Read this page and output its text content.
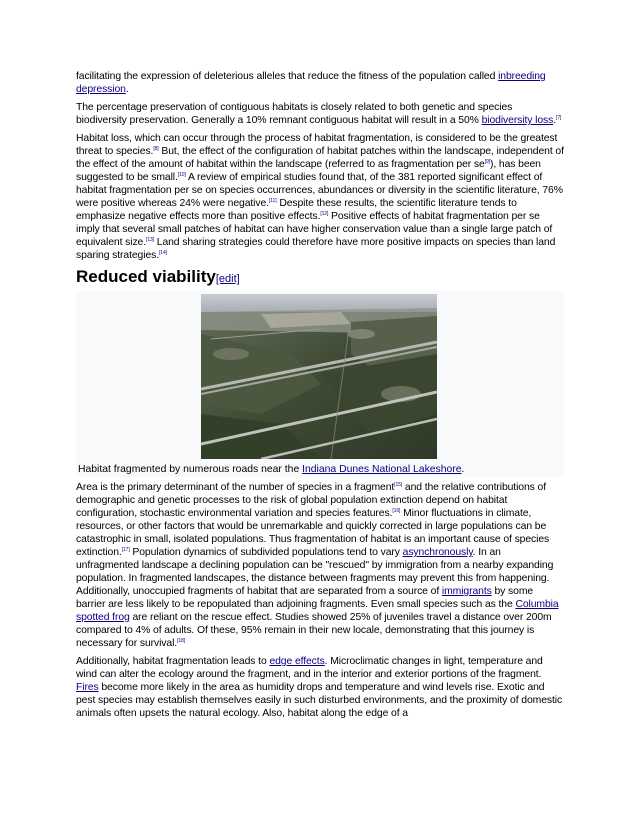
facilitating the expression of deleterious alleles that reduce the fitness of the population called inbreeding depression.

The percentage preservation of contiguous habitats is closely related to both genetic and species biodiversity preservation. Generally a 10% remnant contiguous habitat will result in a 50% biodiversity loss.[7]

Habitat loss, which can occur through the process of habitat fragmentation, is considered to be the greatest threat to species.[8] But, the effect of the configuration of habitat patches within the landscape, independent of the effect of the amount of habitat within the landscape (referred to as fragmentation per se[9]), has been suggested to be small.[10] A review of empirical studies found that, of the 381 reported significant effect of habitat fragmentation per se on species occurrences, abundances or diversity in the scientific literature, 76% were positive whereas 24% were negative.[11] Despite these results, the scientific literature tends to emphasize negative effects more than positive effects.[12] Positive effects of habitat fragmentation per se imply that several small patches of habitat can have higher conservation value than a single large patch of equivalent size.[13] Land sharing strategies could therefore have more positive impacts on species than land sparing strategies.[14]

Reduced viability[edit]
Habitat fragmented by numerous roads near the Indiana Dunes National Lakeshore.

Area is the primary determinant of the number of species in a fragment[15] and the relative contributions of demographic and genetic processes to the risk of global population extinction depend on habitat configuration, stochastic environmental variation and species features.[16] Minor fluctuations in climate, resources, or other factors that would be unremarkable and quickly corrected in large populations can be catastrophic in small, isolated populations. Thus fragmentation of habitat is an important cause of species extinction.[17] Population dynamics of subdivided populations tend to vary asynchronously. In an unfragmented landscape a declining population can be "rescued" by immigration from a nearby expanding population. In fragmented landscapes, the distance between fragments may prevent this from happening. Additionally, unoccupied fragments of habitat that are separated from a source of immigrants by some barrier are less likely to be repopulated than adjoining fragments. Even small species such as the Columbia spotted frog are reliant on the rescue effect. Studies showed 25% of juveniles travel a distance over 200m compared to 4% of adults. Of these, 95% remain in their new locale, demonstrating that this journey is necessary for survival.[18]

Additionally, habitat fragmentation leads to edge effects. Microclimatic changes in light, temperature and wind can alter the ecology around the fragment, and in the interior and exterior portions of the fragment. Fires become more likely in the area as humidity drops and temperature and wind levels rise. Exotic and pest species may establish themselves easily in such disturbed environments, and the proximity of domestic animals often upsets the natural ecology. Also, habitat along the edge of a
